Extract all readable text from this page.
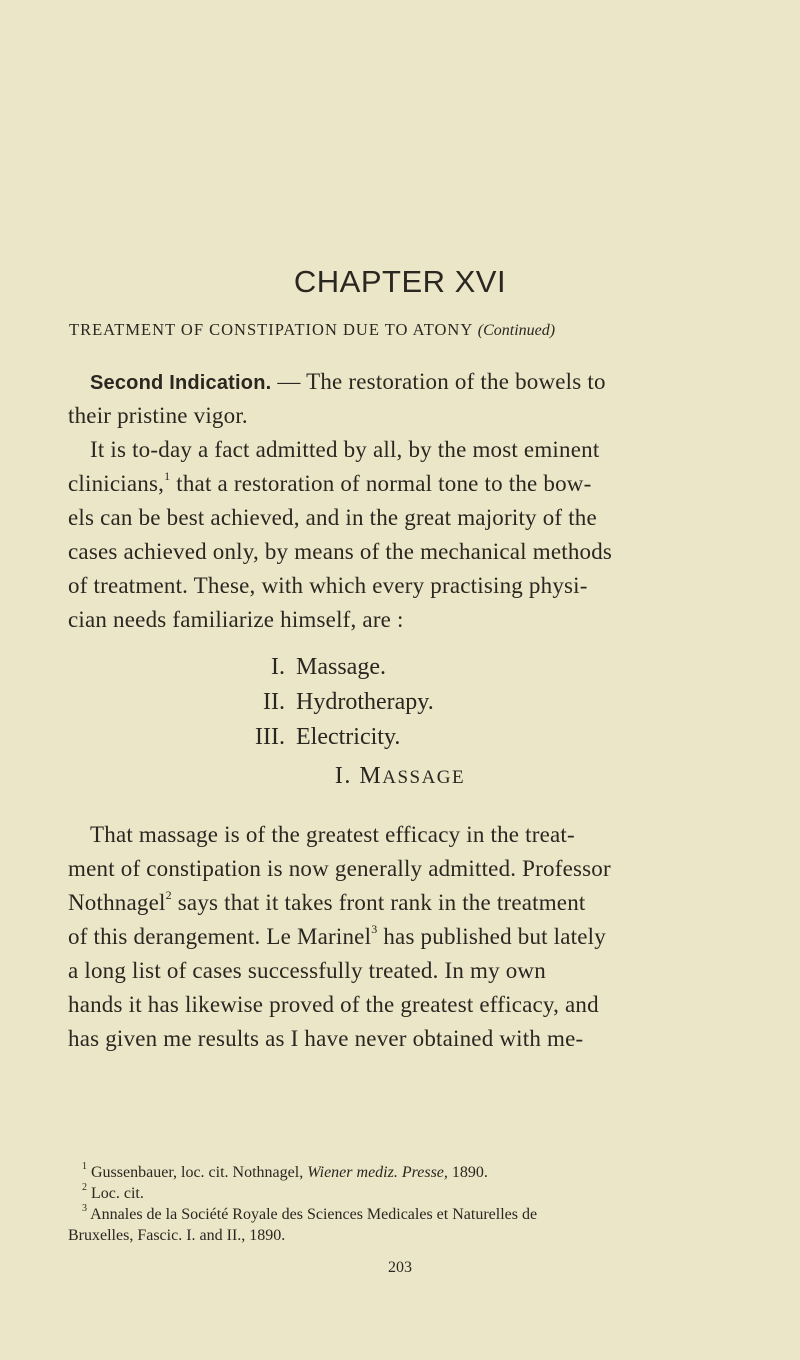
CHAPTER XVI
TREATMENT OF CONSTIPATION DUE TO ATONY (Continued)
Second Indication. — The restoration of the bowels to
their pristine vigor.
It is to-day a fact admitted by all, by the most eminent
clinicians,$^1$ that a restoration of normal tone to the bow-
els can be best achieved, and in the great majority of the
cases achieved only, by means of the mechanical methods
of treatment. These, with which every practising physi-
cian needs familiarize himself, are :
I. Massage.
II. Hydrotherapy.
III. Electricity.
I. MASSAGE
That massage is of the greatest efficacy in the treat-
ment of constipation is now generally admitted. Professor
Nothnagel$^2$ says that it takes front rank in the treatment
of this derangement. Le Marinel$^3$ has published but lately
a long list of cases successfully treated. In my own
hands it has likewise proved of the greatest efficacy, and
has given me results as I have never obtained with me-
$^1$ Gussenbauer, loc. cit. Nothnagel, Wiener mediz. Presse, 1890.
$^2$ Loc. cit.
$^3$ Annales de la Société Royale des Sciences Medicales et Naturelles de
Bruxelles, Fascic. I. and II., 1890.
203
